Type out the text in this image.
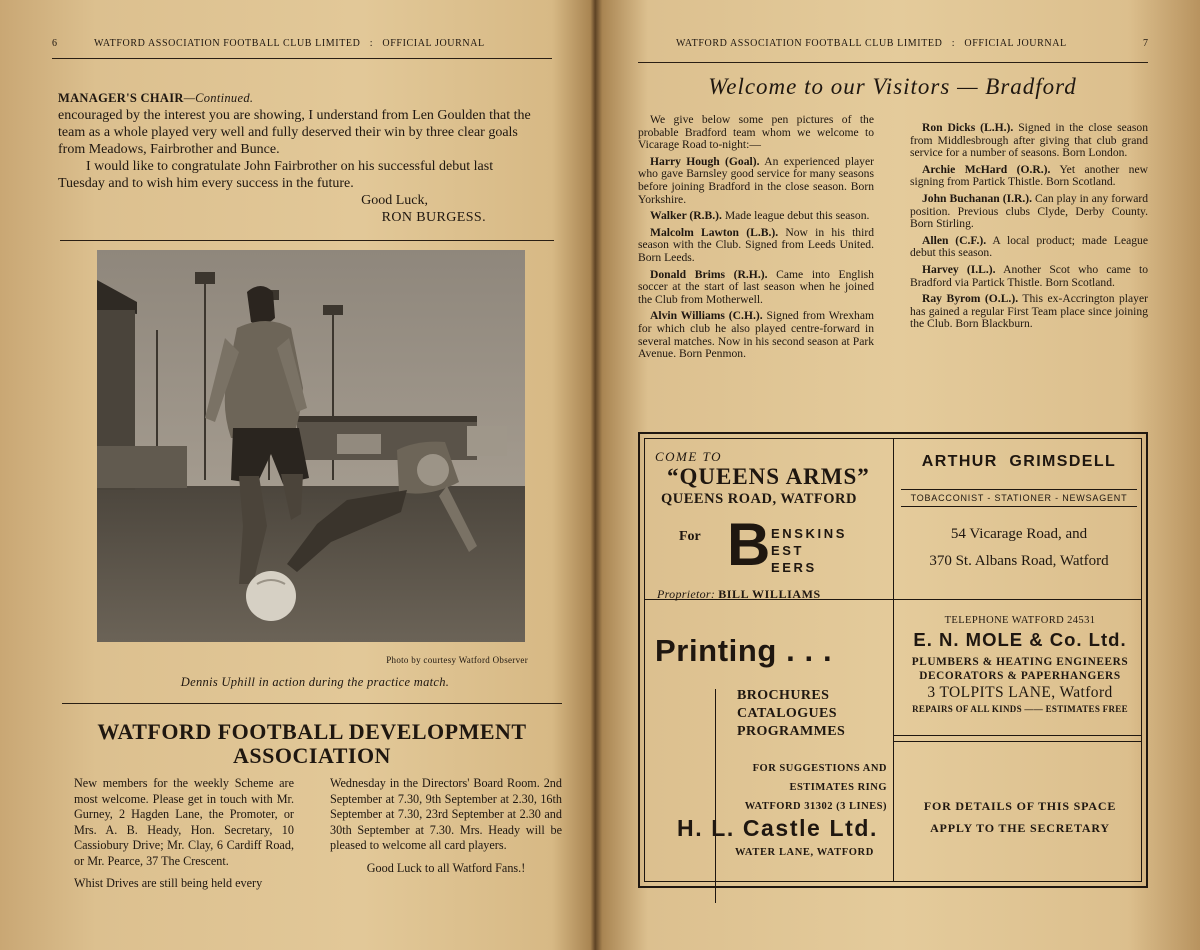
6	WATFORD ASSOCIATION FOOTBALL CLUB LIMITED   :   OFFICIAL JOURNAL
MANAGER'S CHAIR—Continued.

encouraged by the interest you are showing, I understand from Len Goulden that the team as a whole played very well and fully deserved their win by three clear goals from Meadows, Fairbrother and Bunce.

I would like to congratulate John Fairbrother on his successful debut last Tuesday and to wish him every success in the future.

Good Luck,

RON BURGESS.

Photo by courtesy Watford Observer
Dennis Uphill in action during the practice match.
WATFORD FOOTBALL DEVELOPMENT ASSOCIATION

New members for the weekly Scheme are most welcome. Please get in touch with Mr. Gurney, 2 Hagden Lane, the Promoter, or Mrs. A. B. Heady, Hon. Secretary, 10 Cassiobury Drive; Mr. Clay, 6 Cardiff Road, or Mr. Pearce, 37 The Crescent.

Whist Drives are still being held every

Wednesday in the Directors' Board Room. 2nd September at 7.30, 9th September at 2.30, 16th September at 7.30, 23rd September at 2.30 and 30th September at 7.30. Mrs. Heady will be pleased to welcome all card players.

Good Luck to all Watford Fans.!

WATFORD ASSOCIATION FOOTBALL CLUB LIMITED   :   OFFICIAL JOURNAL	7
Welcome to our Visitors — Bradford

We give below some pen pictures of the probable Bradford team whom we welcome to Vicarage Road to-night:—

Harry Hough (Goal). An experienced player who gave Barnsley good service for many seasons before joining Bradford in the close season. Born Yorkshire.

Walker (R.B.). Made league debut this season.

Malcolm Lawton (L.B.). Now in his third season with the Club. Signed from Leeds United. Born Leeds.

Donald Brims (R.H.). Came into English soccer at the start of last season when he joined the Club from Motherwell.

Alvin Williams (C.H.). Signed from Wrexham for which club he also played centre-forward in several matches. Now in his second season at Park Avenue. Born Penmon.

Ron Dicks (L.H.). Signed in the close season from Middlesbrough after giving that club grand service for a number of seasons. Born London.

Archie McHard (O.R.). Yet another new signing from Partick Thistle. Born Scotland.

John Buchanan (I.R.). Can play in any forward position. Previous clubs Clyde, Derby County. Born Stirling.

Allen (C.F.). A local product; made League debut this season.

Harvey (I.L.). Another Scot who came to Bradford via Partick Thistle. Born Scotland.

Ray Byrom (O.L.). This ex-Accrington player has gained a regular First Team place since joining the Club. Born Blackburn.

COME TO
“QUEENS ARMS”
QUEENS ROAD, WATFORD
For B ENSKINS
EST
EERS
Proprietor: BILL WILLIAMS
ARTHUR  GRIMSDELL
TOBACCONIST - STATIONER - NEWSAGENT
54 Vicarage Road, and
370 St. Albans Road, Watford
Printing . . .
BROCHURES
CATALOGUES
PROGRAMMES
FOR SUGGESTIONS AND
ESTIMATES RING
WATFORD 31302 (3 LINES)
H. L. Castle Ltd.
WATER LANE, WATFORD
TELEPHONE WATFORD 24531
E. N. MOLE & Co. Ltd.
PLUMBERS & HEATING ENGINEERS
DECORATORS & PAPERHANGERS
3 TOLPITS LANE, Watford
REPAIRS OF ALL KINDS —— ESTIMATES FREE
FOR DETAILS OF THIS SPACE
APPLY TO THE SECRETARY
